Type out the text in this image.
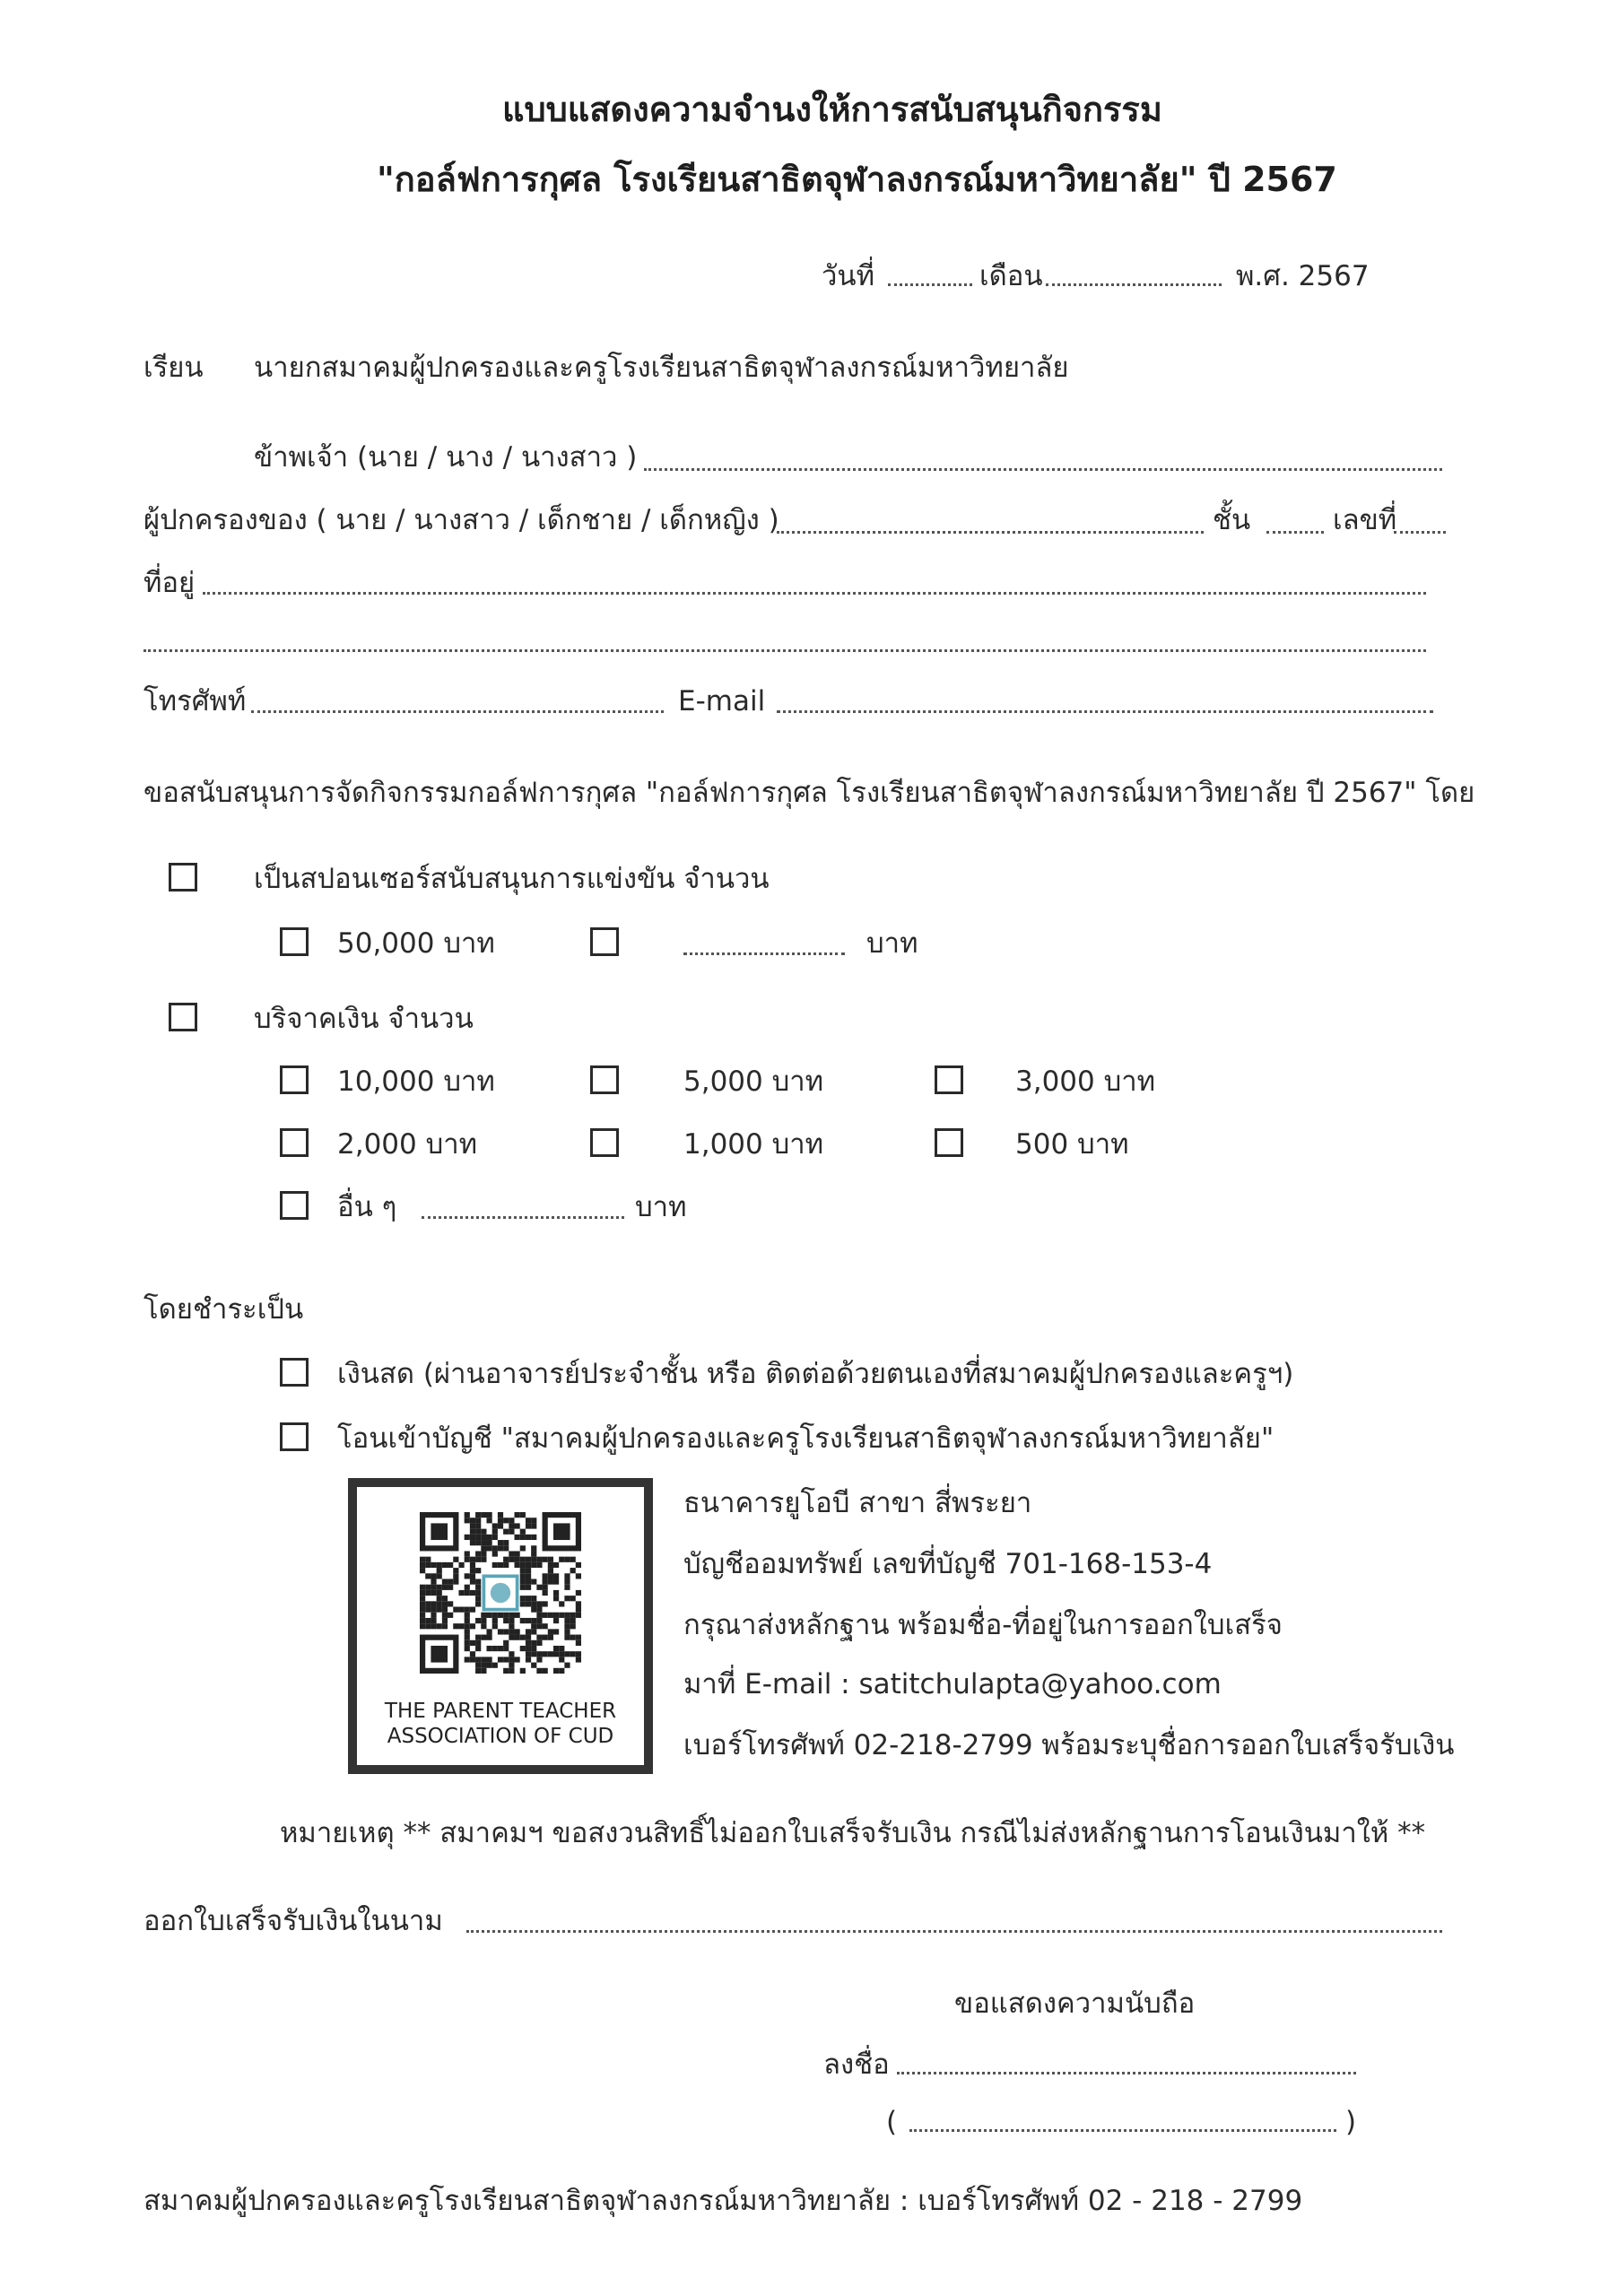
แบบแสดงความจำนงให้การสนับสนุนกิจกรรม
"กอล์ฟการกุศล โรงเรียนสาธิตจุฬาลงกรณ์มหาวิทยาลัย" ปี 2567
วันที่	เดือน	พ.ศ. 2567
เรียน นายกสมาคมผู้ปกครองและครูโรงเรียนสาธิตจุฬาลงกรณ์มหาวิทยาลัย
ข้าพเจ้า (นาย / นาง / นางสาว )
ผู้ปกครองของ ( นาย / นางสาว / เด็กชาย / เด็กหญิง )	ชั้น	เลขที่
ที่อยู่
โทรศัพท์	E-mail
ขอสนับสนุนการจัดกิจกรรมกอล์ฟการกุศล "กอล์ฟการกุศล โรงเรียนสาธิตจุฬาลงกรณ์มหาวิทยาลัย ปี 2567" โดย
เป็นสปอนเซอร์สนับสนุนการแข่งขัน จำนวน
50,000 บาท	บาท
บริจาคเงิน จำนวน
10,000 บาท	5,000 บาท	3,000 บาท
2,000 บาท	1,000 บาท	500 บาท
อื่น ๆ	บาท
โดยชำระเป็น
เงินสด (ผ่านอาจารย์ประจำชั้น หรือ ติดต่อด้วยตนเองที่สมาคมผู้ปกครองและครูฯ)
โอนเข้าบัญชี "สมาคมผู้ปกครองและครูโรงเรียนสาธิตจุฬาลงกรณ์มหาวิทยาลัย"
THE PARENT TEACHER
ASSOCIATION OF CUD
ธนาคารยูโอบี สาขา สี่พระยา
บัญชีออมทรัพย์ เลขที่บัญชี 701-168-153-4
กรุณาส่งหลักฐาน พร้อมชื่อ-ที่อยู่ในการออกใบเสร็จ
มาที่ E-mail : satitchulapta@yahoo.com
เบอร์โทรศัพท์ 02-218-2799 พร้อมระบุชื่อการออกใบเสร็จรับเงิน
หมายเหตุ ** สมาคมฯ ขอสงวนสิทธิ์ไม่ออกใบเสร็จรับเงิน กรณีไม่ส่งหลักฐานการโอนเงินมาให้ **
ออกใบเสร็จรับเงินในนาม
ขอแสดงความนับถือ
ลงชื่อ
(	)
สมาคมผู้ปกครองและครูโรงเรียนสาธิตจุฬาลงกรณ์มหาวิทยาลัย : เบอร์โทรศัพท์ 02 - 218 - 2799
